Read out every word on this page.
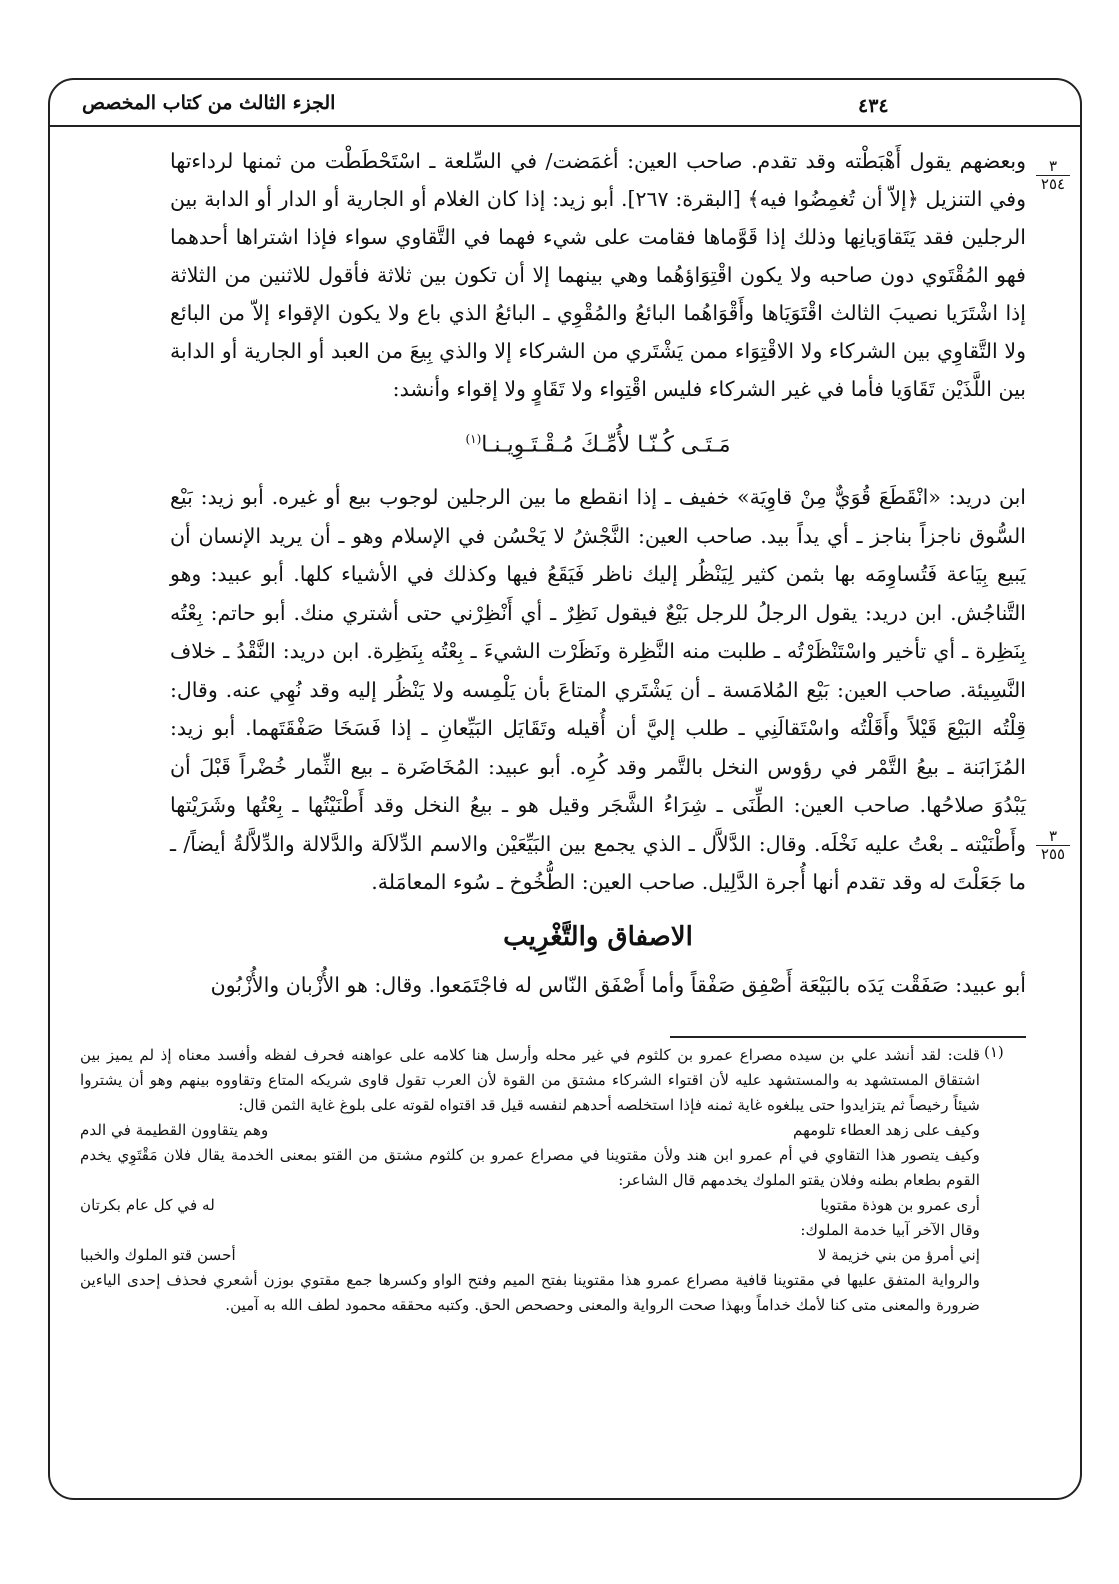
الجزء الثالث من كتاب المخصص	٤٣٤
٣
٢٥٤
٣
٢٥٥

وبعضهم يقول أَهْبَطْته وقد تقدم. صاحب العين: أغمَضت/ في السِّلعة ـ اسْتَحْطَطْت من ثمنها لرداءتها وفي التنزيل ﴿إلاّ أن تُغمِضُوا فيه﴾ [البقرة: ٢٦٧]. أبو زيد: إذا كان الغلام أو الجارية أو الدار أو الدابة بين الرجلين فقد يَتَقاوَيانِها وذلك إذا قَوَّماها فقامت على شيء فهما في التَّقاوي سواء فإذا اشتراها أحدهما فهو المُقْتَوي دون صاحبه ولا يكون اقْتِوَاؤهُما وهي بينهما إلا أن تكون بين ثلاثة فأقول للاثنين من الثلاثة إذا اشْتَرَيا نصيبَ الثالث اقْتَوَيَاها وأَقْوَاهُما البائعُ والمُقْوِي ـ البائعُ الذي باع ولا يكون الإقواء إلاّ من البائع ولا التَّقاوِي بين الشركاء ولا الاقْتِوَاء ممن يَشْتَري من الشركاء إلا والذي بِيعَ من العبد أو الجارية أو الدابة بين اللَّذَيْن تَقَاوَيا فأما في غير الشركاء فليس اقْتِواء ولا تَقَاوٍ ولا إقواء وأنشد:

مَـتَـى كُـنّـا لأُمِّـكَ مُـقْـتَـوِيـنـا$^{(١)}$

ابن دريد: «انْقَطَعَ قُوَيٌّ مِنْ قاوِيَة» خفيف ـ إذا انقطع ما بين الرجلين لوجوب بيع أو غيره. أبو زيد: بَيْع السُّوق ناجزاً بناجز ـ أي يداً بيد. صاحب العين: النَّجْشُ لا يَحْسُن في الإسلام وهو ـ أن يريد الإنسان أن يَبيع بِيَاعة فَتُساوِمَه بها بثمن كثير لِيَنْظُر إليك ناظر فَيَقَعُ فيها وكذلك في الأشياء كلها. أبو عبيد: وهو التَّناجُش. ابن دريد: يقول الرجلُ للرجل بَيْعٌ فيقول نَظِرٌ ـ أي أَنْظِرْني حتى أشتري منك. أبو حاتم: بِعْتُه بِنَظِرة ـ أي تأخير واسْتَنْظَرْتُه ـ طلبت منه النَّظِرة ونَظَرْت الشيءَ ـ بِعْتُه بِنَظِرة. ابن دريد: النَّقْدُ ـ خلاف النَّسِيئة. صاحب العين: بَيْع المُلامَسة ـ أن يَشْتَري المتاعَ بأن يَلْمِسه ولا يَنْظُر إليه وقد نُهِي عنه. وقال: قِلْتُه البَيْعَ قَيْلاً وأَقَلْتُه واسْتَقالَنِي ـ طلب إليَّ أن أُقيله وتَقَايَل البَيِّعانِ ـ إذا فَسَخَا صَفْقَتَهما. أبو زيد: المُزَابَنة ـ بيعُ التَّمْر في رؤوس النخل بالتَّمر وقد كُرِه. أبو عبيد: المُخَاضَرة ـ بيع الثِّمار خُضْراً قَبْلَ أن يَبْدُوَ صلاحُها. صاحب العين: الطِّنَى ـ شِرَاءُ الشَّجَر وقيل هو ـ بيعُ النخل وقد أَطْنَيْتُها ـ بِعْتُها وشَرَيْتها وأَطْنَيْته ـ بعْتُ عليه نَخْلَه. وقال: الدَّلاَّل ـ الذي يجمع بين البَيِّعَيْن والاسم الدِّلاَلة والدَّلالة والدِّلاَّلةُ أيضاً/ ـ ما جَعَلْتَ له وقد تقدم أنها أُجرة الدَّلِيل. صاحب العين: الطُّخُوخ ـ سُوء المعامَلة.

الاصفاق والتَّغْرِيب

أبو عبيد: صَفَقْت يَدَه بالبَيْعَة أَصْفِق صَفْقاً وأما أَصْفَق النّاس له فاجْتَمَعوا. وقال: هو الأُزْبان والأُزْبُون

(١)

قلت: لقد أنشد علي بن سيده مصراع عمرو بن كلثوم في غير محله وأرسل هنا كلامه على عواهنه فحرف لفظه وأفسد معناه إذ لم يميز بين اشتقاق المستشهد به والمستشهد عليه لأن اقتواء الشركاء مشتق من القوة لأن العرب تقول قاوى شريكه المتاع وتقاووه بينهم وهو أن يشتروا شيئاً رخيصاً ثم يتزايدوا حتى يبلغوه غاية ثمنه فإذا استخلصه أحدهم لنفسه قيل قد اقتواه لقوته على بلوغ غاية الثمن قال:

وكيف على زهد العطاء تلومهم
وهم يتقاوون القطيمة في الدم

وكيف يتصور هذا التقاوي في أم عمرو ابن هند ولأن مقتوينا في مصراع عمرو بن كلثوم مشتق من القتو بمعنى الخدمة يقال فلان مَقْتَوِي يخدم القوم بطعام بطنه وفلان يقتو الملوك يخدمهم قال الشاعر:

أرى عمرو بن هوذة مقتويا
له في كل عام بكرتان

وقال الآخر آبيا خدمة الملوك:

إني أمرؤ من بني خزيمة لا
أحسن قتو الملوك والخببا

والرواية المتفق عليها في مقتوينا قافية مصراع عمرو هذا مقتوينا بفتح الميم وفتح الواو وكسرها جمع مقتوي بوزن أشعري فحذف إحدى الياءين ضرورة والمعنى متى كنا لأمك خداماً وبهذا صحت الرواية والمعنى وحصحص الحق. وكتبه محققه محمود لطف الله به آمين.
